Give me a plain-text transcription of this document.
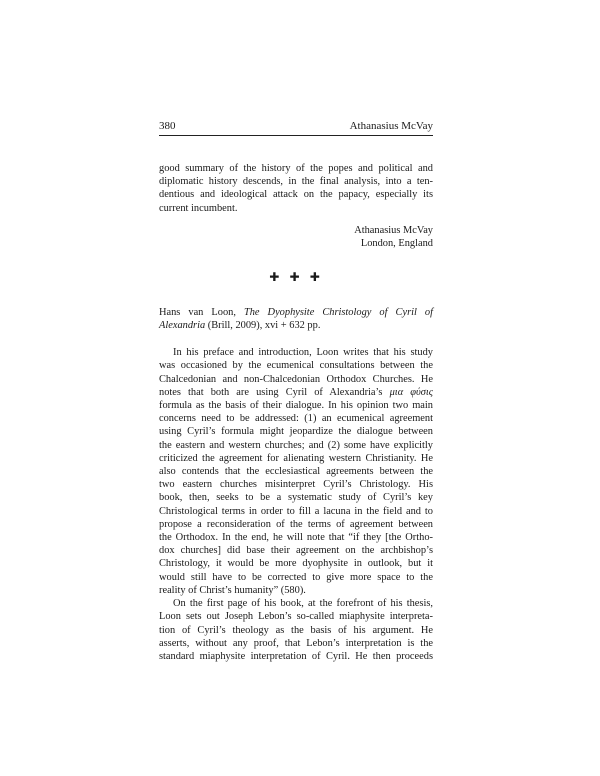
380	Athanasius McVay
good summary of the history of the popes and political and
diplomatic history descends, in the final analysis, into a ten-
dentious and ideological attack on the papacy, especially its
current incumbent.
Athanasius McVay
London, England
✚ ✚ ✚
Hans van Loon, The Dyophysite Christology of Cyril of
Alexandria (Brill, 2009), xvi + 632 pp.
In his preface and introduction, Loon writes that his study
was occasioned by the ecumenical consultations between the
Chalcedonian and non-Chalcedonian Orthodox Churches. He
notes that both are using Cyril of Alexandria’s μια φύσις
formula as the basis of their dialogue. In his opinion two main
concerns need to be addressed: (1) an ecumenical agreement
using Cyril’s formula might jeopardize the dialogue between
the eastern and western churches; and (2) some have explicitly
criticized the agreement for alienating western Christianity. He
also contends that the ecclesiastical agreements between the
two eastern churches misinterpret Cyril’s Christology. His
book, then, seeks to be a systematic study of Cyril’s key
Christological terms in order to fill a lacuna in the field and to
propose a reconsideration of the terms of agreement between
the Orthodox. In the end, he will note that “if they [the Ortho-
dox churches] did base their agreement on the archbishop’s
Christology, it would be more dyophysite in outlook, but it
would still have to be corrected to give more space to the
reality of Christ’s humanity” (580).
On the first page of his book, at the forefront of his thesis,
Loon sets out Joseph Lebon’s so-called miaphysite interpreta-
tion of Cyril’s theology as the basis of his argument. He
asserts, without any proof, that Lebon’s interpretation is the
standard miaphysite interpretation of Cyril. He then proceeds
